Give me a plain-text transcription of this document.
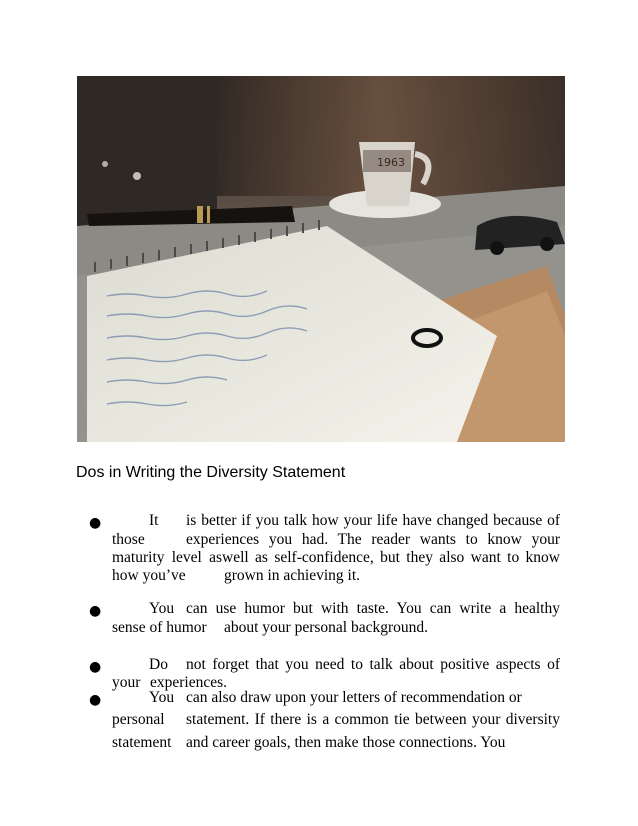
1963
Dos in Writing the Diversity Statement
●	It is better if you talk how your life have changed because of
those	experiences you had. The reader wants to know your
maturity level aswell as self-confidence, but they also want to know
how you’ve grown in achieving it.
●	You can use humor but with taste. You can write a healthy
sense of humor about your personal background.
●	Do not forget that you need to talk about positive aspects of
your experiences.
●	You can also draw upon your letters of recommendation or
personal statement. If there is a common tie between your diversity
statement and career goals, then make those connections. You
